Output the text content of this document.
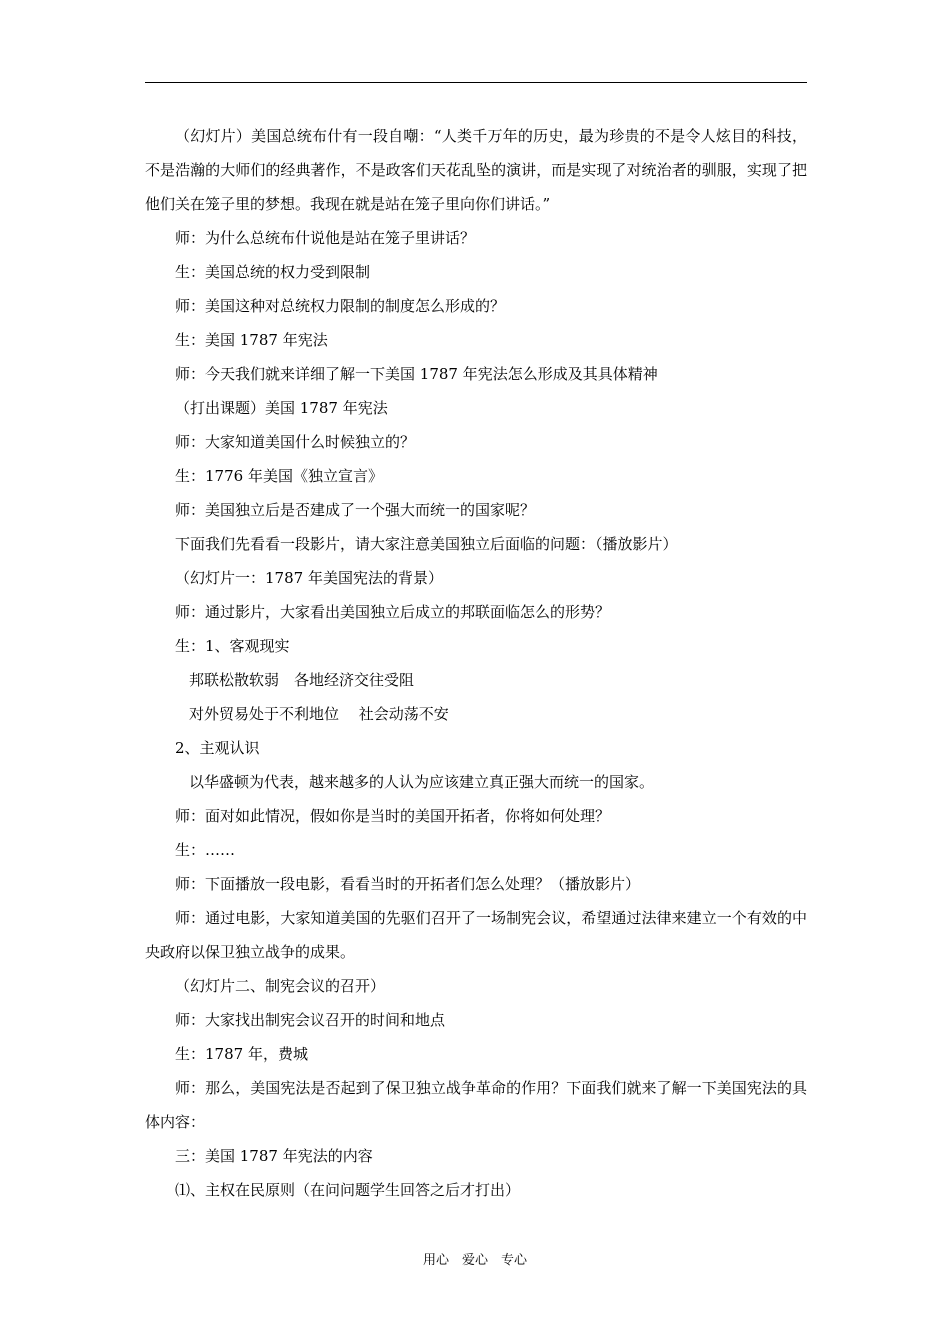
（幻灯片）美国总统布什有一段自嘲：“人类千万年的历史，最为珍贵的不是令人炫目的科技，不是浩瀚的大师们的经典著作，不是政客们天花乱坠的演讲，而是实现了对统治者的驯服，实现了把他们关在笼子里的梦想。我现在就是站在笼子里向你们讲话。”

师：为什么总统布什说他是站在笼子里讲话？

生：美国总统的权力受到限制

师：美国这种对总统权力限制的制度怎么形成的？

生：美国 1787 年宪法

师：今天我们就来详细了解一下美国 1787 年宪法怎么形成及其具体精神

（打出课题）美国 1787 年宪法

师：大家知道美国什么时候独立的？

生：1776 年美国《独立宣言》

师：美国独立后是否建成了一个强大而统一的国家呢？

下面我们先看看一段影片，请大家注意美国独立后面临的问题：（播放影片）

（幻灯片一：1787 年美国宪法的背景）

师：通过影片，大家看出美国独立后成立的邦联面临怎么的形势？

生：1、客观现实

邦联松散软弱　各地经济交往受阻

对外贸易处于不利地位　 社会动荡不安

2、主观认识

以华盛顿为代表，越来越多的人认为应该建立真正强大而统一的国家。

师：面对如此情况，假如你是当时的美国开拓者，你将如何处理？

生：……

师：下面播放一段电影，看看当时的开拓者们怎么处理？（播放影片）

师：通过电影，大家知道美国的先驱们召开了一场制宪会议，希望通过法律来建立一个有效的中央政府以保卫独立战争的成果。

（幻灯片二、制宪会议的召开）

师：大家找出制宪会议召开的时间和地点

生：1787 年，费城

师：那么，美国宪法是否起到了保卫独立战争革命的作用？下面我们就来了解一下美国宪法的具体内容：

三：美国 1787 年宪法的内容

⑴、主权在民原则（在问问题学生回答之后才打出）

用心　爱心　专心
